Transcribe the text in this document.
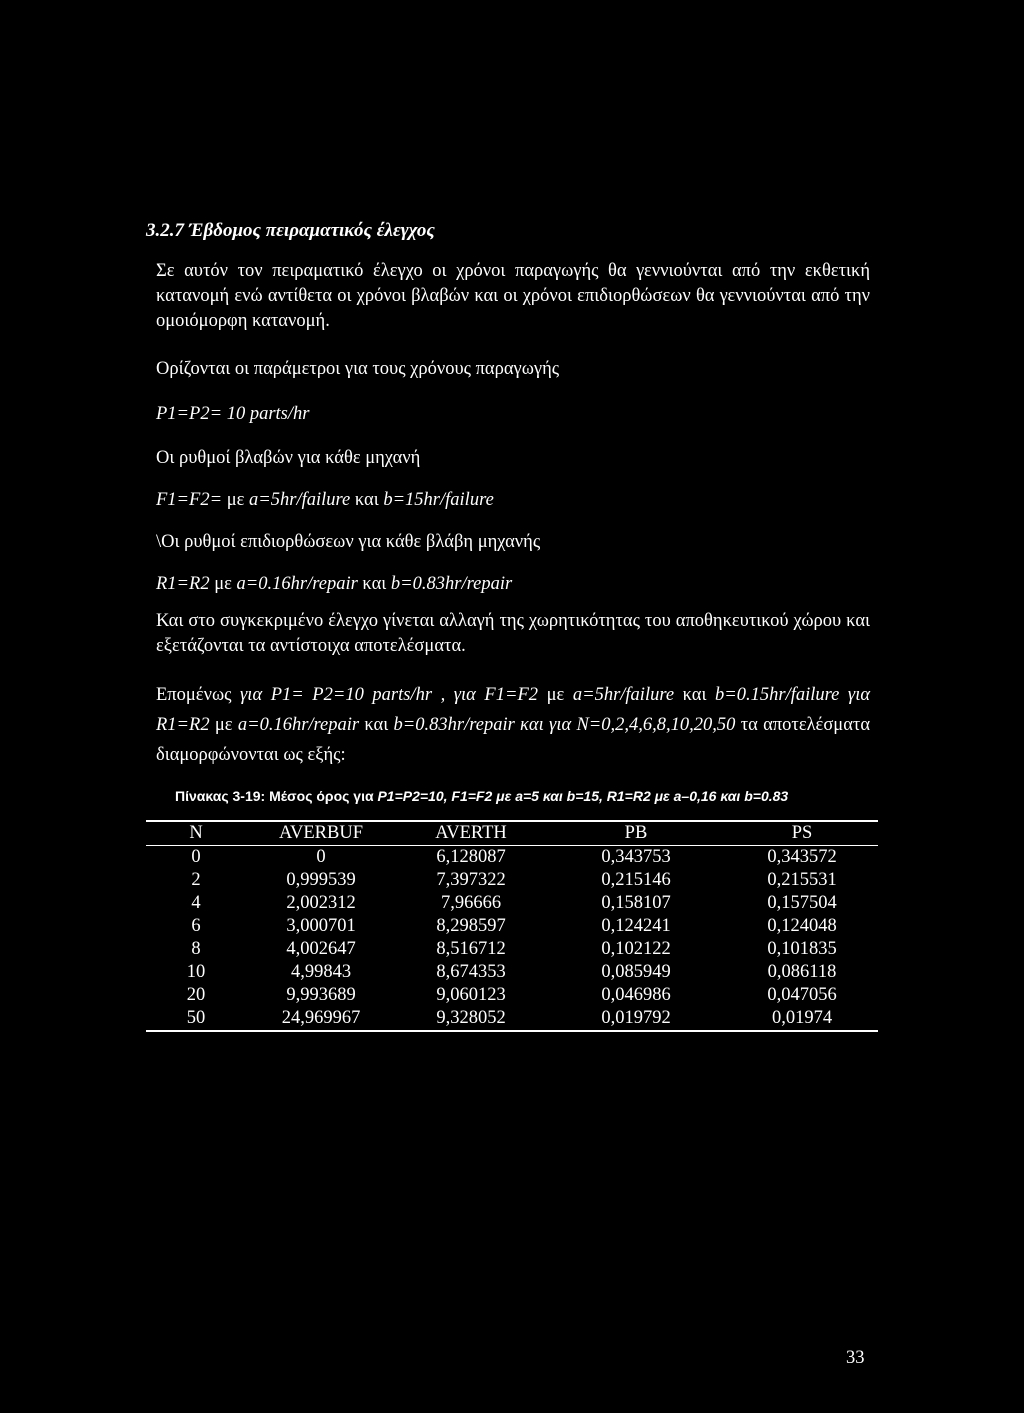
3.2.7 Έβδομος πειραματικός έλεγχος
Σε αυτόν τον πειραματικό έλεγχο οι χρόνοι παραγωγής θα γεννιούνται από την εκθετική κατανομή ενώ αντίθετα οι χρόνοι βλαβών και οι χρόνοι επιδιορθώσεων θα γεννιούνται από την ομοιόμορφη κατανομή.
Ορίζονται οι παράμετροι για τους χρόνους παραγωγής
P1=P2= 10 parts/hr
Οι ρυθμοί βλαβών για κάθε μηχανή
F1=F2= με a=5hr/failure και b=15hr/failure
\Οι ρυθμοί επιδιορθώσεων για κάθε βλάβη μηχανής
R1=R2 με a=0.16hr/repair και b=0.83hr/repair
Και στο συγκεκριμένο έλεγχο γίνεται αλλαγή της χωρητικότητας του αποθηκευτικού χώρου και εξετάζονται τα αντίστοιχα αποτελέσματα.
Επομένως για P1= P2=10 parts/hr , για F1=F2 με a=5hr/failure και b=0.15hr/failure για R1=R2 με a=0.16hr/repair και b=0.83hr/repair και για N=0,2,4,6,8,10,20,50 τα αποτελέσματα διαμορφώνονται ως εξής:
Πίνακας 3-19: Μέσος όρος για P1=P2=10, F1=F2 με a=5 και b=15, R1=R2 με a–0,16 και b=0.83
N	AVERBUF	AVERTH	PB	PS
0	0	6,128087	0,343753	0,343572
2	0,999539	7,397322	0,215146	0,215531
4	2,002312	7,96666	0,158107	0,157504
6	3,000701	8,298597	0,124241	0,124048
8	4,002647	8,516712	0,102122	0,101835
10	4,99843	8,674353	0,085949	0,086118
20	9,993689	9,060123	0,046986	0,047056
50	24,969967	9,328052	0,019792	0,01974
33
